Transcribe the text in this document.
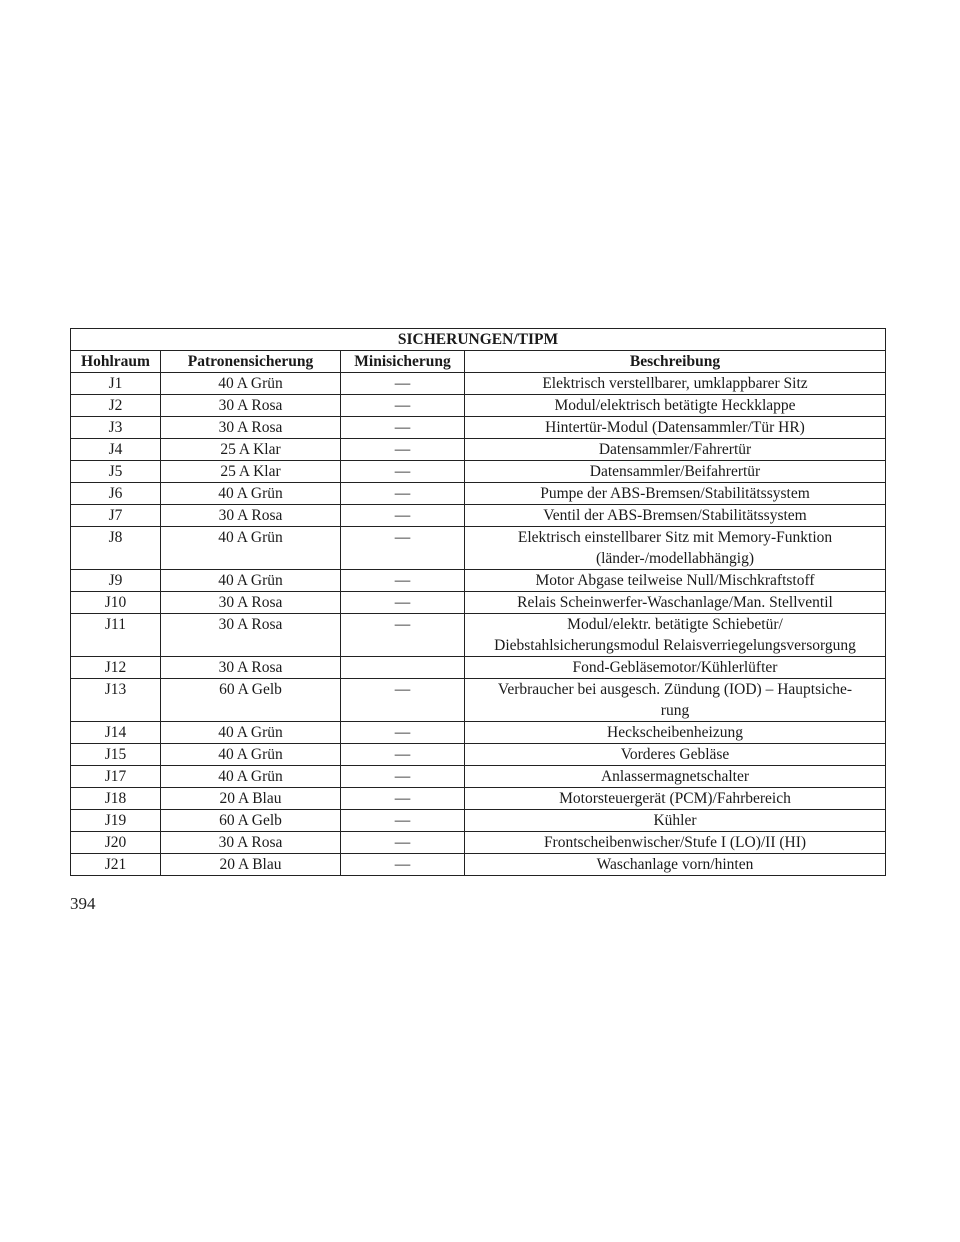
SICHERUNGEN/TIPM			
Hohlraum	Patronensicherung	Minisicherung	Beschreibung
J1	40 A Grün	—	Elektrisch verstellbarer, umklappbarer Sitz

J2	30 A Rosa	—	Modul/elektrisch betätigte Heckklappe

J3	30 A Rosa	—	Hintertür-Modul (Datensammler/Tür HR)

J4	25 A Klar	—	Datensammler/Fahrertür

J5	25 A Klar	—	Datensammler/Beifahrertür

J6	40 A Grün	—	Pumpe der ABS-Bremsen/Stabilitätssystem

J7	30 A Rosa	—	Ventil der ABS-Bremsen/Stabilitätssystem

J8	40 A Grün	—	Elektrisch einstellbarer Sitz mit Memory-Funktion
(länder-/modellabhängig)

J9	40 A Grün	—	Motor Abgase teilweise Null/Mischkraftstoff

J10	30 A Rosa	—	Relais Scheinwerfer-Waschanlage/Man. Stellventil

J11	30 A Rosa	—	Modul/elektr. betätigte Schiebetür/
Diebstahlsicherungsmodul Relaisverriegelungsversorgung

J12	30 A Rosa		Fond-Gebläsemotor/Kühlerlüfter

J13	60 A Gelb	—	Verbraucher bei ausgesch. Zündung (IOD) – Hauptsiche-
rung

J14	40 A Grün	—	Heckscheibenheizung

J15	40 A Grün	—	Vorderes Gebläse

J17	40 A Grün	—	Anlassermagnetschalter

J18	20 A Blau	—	Motorsteuergerät (PCM)/Fahrbereich

J19	60 A Gelb	—	Kühler

J20	30 A Rosa	—	Frontscheibenwischer/Stufe I (LO)/II (HI)

J21	20 A Blau	—	Waschanlage vorn/hinten
394
